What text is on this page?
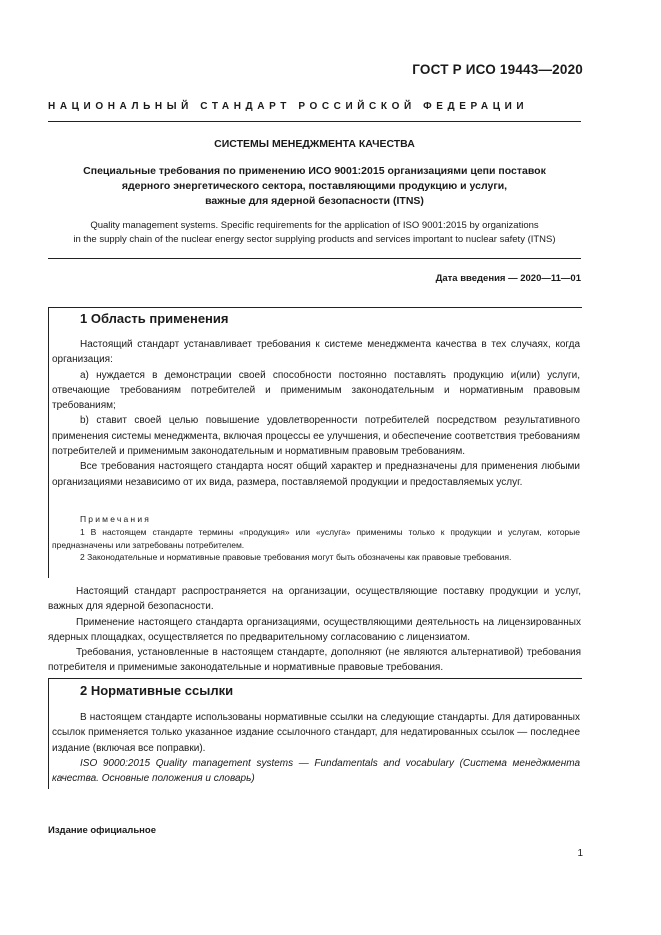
ГОСТ Р ИСО 19443—2020
НАЦИОНАЛЬНЫЙ СТАНДАРТ РОССИЙСКОЙ ФЕДЕРАЦИИ
СИСТЕМЫ МЕНЕДЖМЕНТА КАЧЕСТВА
Специальные требования по применению ИСО 9001:2015 организациями цепи поставок
ядерного энергетического сектора, поставляющими продукцию и услуги,
важные для ядерной безопасности (ITNS)
Quality management systems. Specific requirements for the application of ISO 9001:2015 by organizations
in the supply chain of the nuclear energy sector supplying products and services important to nuclear safety (ITNS)
Дата введения — 2020—11—01
1 Область применения

Настоящий стандарт устанавливает требования к системе менеджмента качества в тех случаях, когда организация:

a) нуждается в демонстрации своей способности постоянно поставлять продукцию и(или) услуги, отвечающие требованиям потребителей и применимым законодательным и нормативным правовым требованиям;

b) ставит своей целью повышение удовлетворенности потребителей посредством результативного применения системы менеджмента, включая процессы ее улучшения, и обеспечение соответствия требованиям потребителей и применимым законодательным и нормативным правовым требованиям.

Все требования настоящего стандарта носят общий характер и предназначены для применения любыми организациями независимо от их вида, размера, поставляемой продукции и предоставляемых услуг.

Примечания

1 В настоящем стандарте термины «продукция» или «услуга» применимы только к продукции и услугам, которые предназначены или затребованы потребителем.

2 Законодательные и нормативные правовые требования могут быть обозначены как правовые требования.

Настоящий стандарт распространяется на организации, осуществляющие поставку продукции и услуг, важных для ядерной безопасности.

Применение настоящего стандарта организациями, осуществляющими деятельность на лицензированных ядерных площадках, осуществляется по предварительному согласованию с лицензиатом.

Требования, установленные в настоящем стандарте, дополняют (не являются альтернативой) требования потребителя и применимые законодательные и нормативные правовые требования.

2 Нормативные ссылки

В настоящем стандарте использованы нормативные ссылки на следующие стандарты. Для датированных ссылок применяется только указанное издание ссылочного стандарт, для недатированных ссылок — последнее издание (включая все поправки).

ISO 9000:2015 Quality management systems — Fundamentals and vocabulary (Система менеджмента качества. Основные положения и словарь)

Издание официальное
1
